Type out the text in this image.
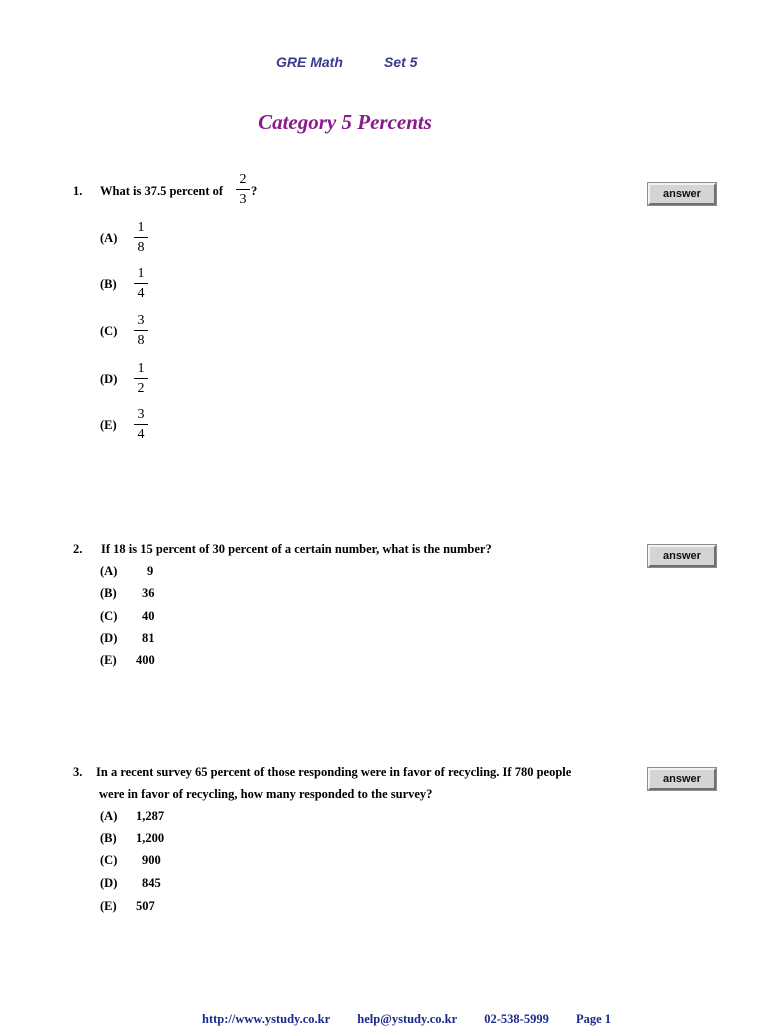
GRE Math	Set 5
Category 5 Percents
1. What is 37.5 percent of
2
3
?	answer
(A)
1
8
(B)
1
4
(C)
3
8
(D)
1
2
(E)
3
4
2. If 18 is 15 percent of 30 percent of a certain number, what is the number?	answer
(A) 9
(B) 36
(C) 40
(D) 81
(E) 400
3. In a recent survey 65 percent of those responding were in favor of recycling. If 780 people
were in favor of recycling, how many responded to the survey?
answer
(A) 1,287
(B) 1,200
(C) 900
(D) 845
(E) 507
http://www.ystudy.co.kr help@ystudy.co.kr 02-538-5999 Page 1
